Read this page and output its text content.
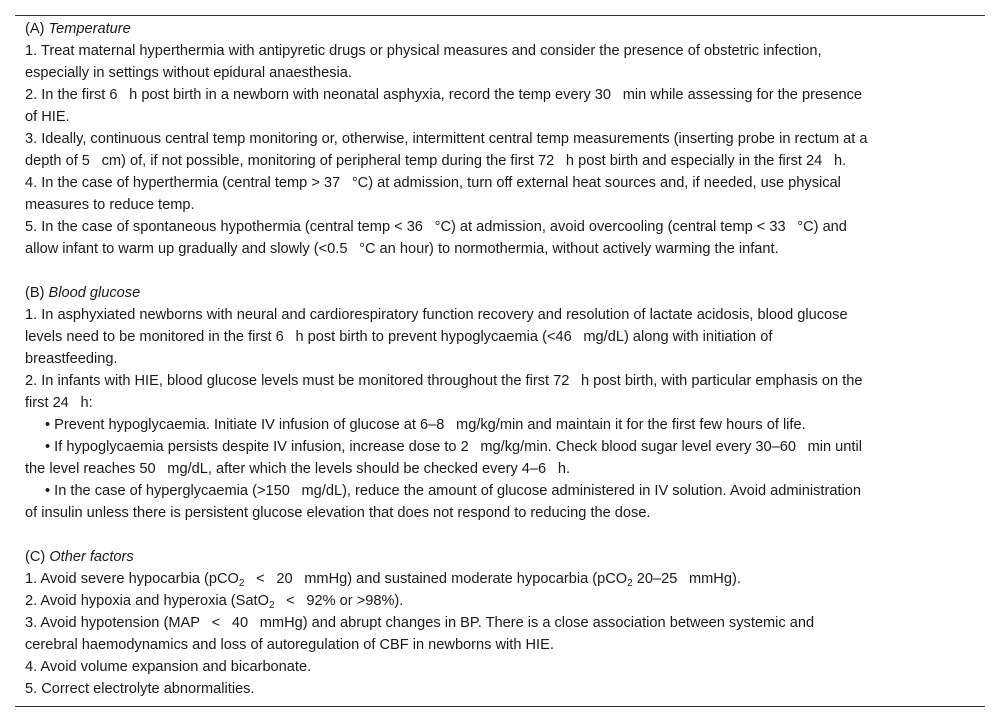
(A) Temperature
1. Treat maternal hyperthermia with antipyretic drugs or physical measures and consider the presence of obstetric infection,
especially in settings without epidural anaesthesia.
2. In the first 6    h post birth in a newborn with neonatal asphyxia, record the temp every 30    min while assessing for the presence
of HIE.
3. Ideally, continuous central temp monitoring or, otherwise, intermittent central temp measurements (inserting probe in rectum at a
depth of 5    cm) of, if not possible, monitoring of peripheral temp during the first 72    h post birth and especially in the first 24    h.
4. In the case of hyperthermia (central temp > 37    °C) at admission, turn off external heat sources and, if needed, use physical
measures to reduce temp.
5. In the case of spontaneous hypothermia (central temp < 36    °C) at admission, avoid overcooling (central temp < 33    °C) and
allow infant to warm up gradually and slowly (<0.5    °C an hour) to normothermia, without actively warming the infant.
(B) Blood glucose
1. In asphyxiated newborns with neural and cardiorespiratory function recovery and resolution of lactate acidosis, blood glucose
levels need to be monitored in the first 6    h post birth to prevent hypoglycaemia (<46    mg/dL) along with initiation of
breastfeeding.
2. In infants with HIE, blood glucose levels must be monitored throughout the first 72    h post birth, with particular emphasis on the
first 24    h:
• Prevent hypoglycaemia. Initiate IV infusion of glucose at 6–8    mg/kg/min and maintain it for the first few hours of life.
• If hypoglycaemia persists despite IV infusion, increase dose to 2    mg/kg/min. Check blood sugar level every 30–60    min until
the level reaches 50    mg/dL, after which the levels should be checked every 4–6    h.
• In the case of hyperglycaemia (>150    mg/dL), reduce the amount of glucose administered in IV solution. Avoid administration
of insulin unless there is persistent glucose elevation that does not respond to reducing the dose.
(C) Other factors
1. Avoid severe hypocarbia (pCO$_2$    <    20    mmHg) and sustained moderate hypocarbia (pCO$_2$ 20–25    mmHg).
2. Avoid hypoxia and hyperoxia (SatO$_2$    <    92% or >98%).
3. Avoid hypotension (MAP    <    40    mmHg) and abrupt changes in BP. There is a close association between systemic and
cerebral haemodynamics and loss of autoregulation of CBF in newborns with HIE.
4. Avoid volume expansion and bicarbonate.
5. Correct electrolyte abnormalities.
